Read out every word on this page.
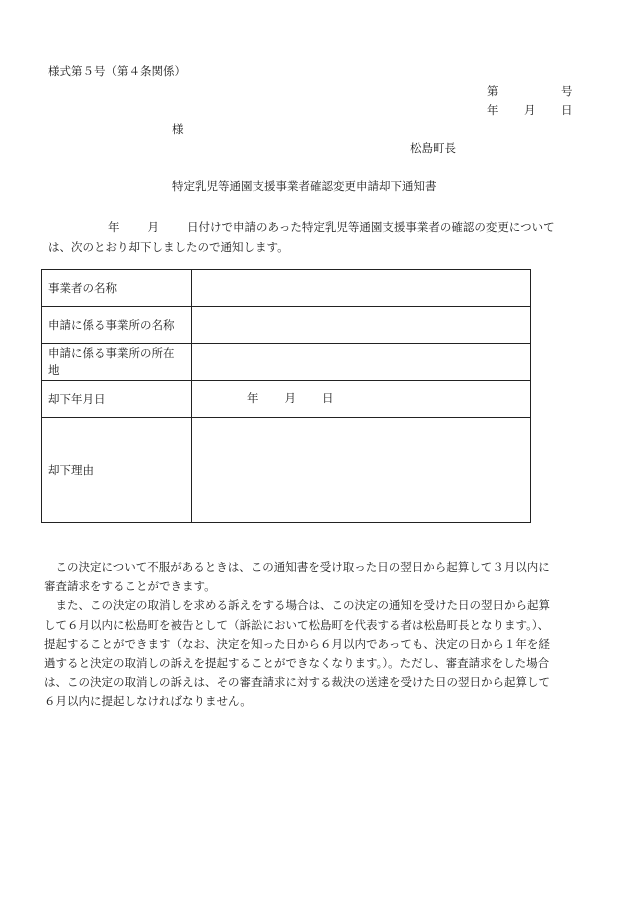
様式第５号（第４条関係）
第	号
年 月 日
様
松島町長
特定乳児等通園支援事業者確認変更申請却下通知書
年 月 日付けで申請のあった特定乳児等通園支援事業者の確認の変更について
は、次のとおり却下しましたので通知します。
事業者の名称	
申請に係る事業所の名称	
申請に係る事業所の所在地	
却下年月日	年 月 日
却下理由	

　この決定について不服があるときは、この通知書を受け取った日の翌日から起算して３月以内に

審査請求をすることができます。

　また、この決定の取消しを求める訴えをする場合は、この決定の通知を受けた日の翌日から起算

して６月以内に松島町を被告として（訴訟において松島町を代表する者は松島町長となります。）、

提起することができます（なお、決定を知った日から６月以内であっても、決定の日から１年を経

過すると決定の取消しの訴えを提起することができなくなります。）。ただし、審査請求をした場合

は、この決定の取消しの訴えは、その審査請求に対する裁決の送達を受けた日の翌日から起算して

６月以内に提起しなければなりません。
